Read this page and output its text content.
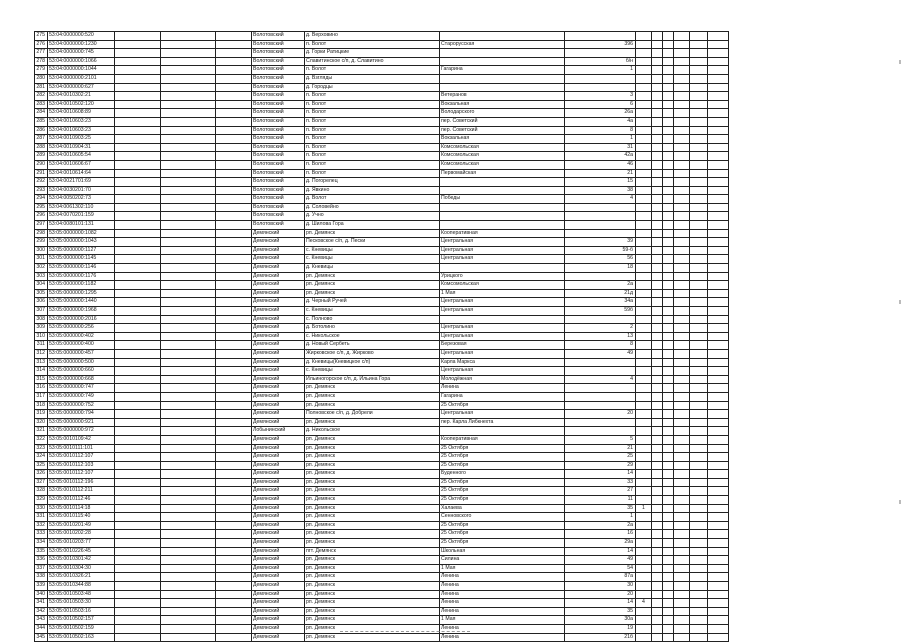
275	53:04:0000000:520				Волотовский	д. Верховино								
276	53:04:0000000:1230				Волотовский	п. Волот	Старорусская	396						
277	53:04:0000000:745				Волотовский	д. Горки Ратицкие								
278	53:04:0000000:1066				Волотовский	Славитинское с/п, д. Славитино		б/н						
279	53:04:0000000:1044				Волотовский	п. Волот	Гагарина	1						
280	53:04:0000000:2101				Волотовский	д. Взгляды								
281	53:04:0000000:627				Волотовский	д. Городцы								
282	53:04:0010302:21				Волотовский	п. Волот	Ветеранов	3						
283	53:04:0010502:120				Волотовский	п. Волот	Вокзальная	6						
284	53:04:0010608:89				Волотовский	п. Волот	Володарского	26а						
285	53:04:0010603:23				Волотовский	п. Волот	пер. Советский	4а						
286	53:04:0010603:23				Волотовский	п. Волот	пер. Советский	8						
287	53:04:0010903:25				Волотовский	п. Волот	Вокзальная	1						
288	53:04:0010904:31				Волотовский	п. Волот	Комсомольская	31						
289	53:04:0010605:54				Волотовский	п. Волот	Комсомольская	42а						
290	53:04:0010606:67				Волотовский	п. Волот	Комсомольская	46						
291	53:04:0010614:64				Волотовский	п. Волот	Первомайская	21						
292	53:04:0021701:69				Волотовский	д. Погорелец		15						
293	53:04:0030201:70				Волотовский	д. Явкино		38						
294	53:04:0050202:73				Волотовский	д. Волот	Победы	4						
295	53:04:0061302:110				Волотовский	д. Соловейно								
296	53:04:0070201:159				Волотовский	д. Учно								
297	53:04:0080101:131				Волотовский	д. Шилова Гора								
298	53:05:0000000:1082				Демянский	рп. Демянск	Кооперативная							
299	53:05:0000000:1043				Демянский	Песковское с/п, д. Пески	Центральная	39						
300	53:05:0000000:1127				Демянский	с. Кневицы	Центральная	59-б						
301	53:05:0000000:1145				Демянский	с. Кневицы	Центральная	56						
302	53:05:0000000:1146				Демянский	д. Кневицы		18						
303	53:05:0000000:1176				Демянский	рп. Демянск	Урицкого							
304	53:05:0000000:1182				Демянский	рп. Демянск	Комсомольская	2а						
305	53:05:0000000:1295				Демянский	рп. Демянск	1 Мая	21д						
306	53:05:0000000:1440				Демянский	д. Черный Ручей	Центральная	34а						
307	53:05:0000000:1968				Демянский	с. Кневицы	Центральная	59б						
308	53:05:0000000:2016				Демянский	с. Полново								
309	53:05:0000000:256				Демянский	д. Ботолино	Центральная	2						
310	53:05:0000000:402				Демянский	с. Никольское	Центральная	13						
311	53:05:0000000:400				Демянский	д. Новый Сербеть	Березовая	8						
312	53:05:0000000:457				Демянский	Жирковское с/п, д. Жирково	Центральная	49						
313	53:05:0000000:500				Демянский	д. Кневицы(Кневицкое с/п)	Карла Маркса							
314	53:05:0000000:660				Демянский	с. Кневицы	Центральная							
315	53:05:0000000:668				Демянский	Ильиногорское с/п, д. Ильина Гора	Молодёжная	4						
316	53:05:0000000:747				Демянский	рп. Демянск	Ленина							
317	53:05:0000000:749				Демянский	рп. Демянск	Гагарина							
318	53:05:0000000:752				Демянский	рп. Демянск	25 Октября							
319	53:05:0000000:794				Демянский	Полновское с/п, д. Добрели	Центральная	20						
320	53:05:0000000:921				Демянский	рп. Демянск	пер. Карла Либкнехта							
321	53:05:0000000:972				Лобынинский	д. Никольское								
322	53:05:0010109:42				Демянский	рп. Демянск	Кооперативная	5						
323	53:05:0010111:101				Демянский	рп. Демянск	25 Октября	21						
324	53:05:0010112:107				Демянский	рп. Демянск	25 Октября	25						
325	53:05:0010112:103				Демянский	рп. Демянск	25 Октября	29						
326	53:05:0010112:107				Демянский	рп. Демянск	Буденного	14						
327	53:05:0010112:196				Демянский	рп. Демянск	25 Октября	33						
328	53:05:0010112:211				Демянский	рп. Демянск	25 Октября	27						
329	53:05:0010112:46				Демянский	рп. Демянск	25 Октября	11						
330	53:05:0010114:18				Демянский	рп. Демянск	Халаева	35	1					
331	53:05:0010115:40				Демянский	рп. Демянск	Сенновского	1						
332	53:05:0010201:49				Демянский	рп. Демянск	25 Октября	2а						
333	53:05:0010202:28				Демянский	рп. Демянск	25 Октября	16						
334	53:05:0010203:77				Демянский	рп. Демянск	25 Октября	29а						
335	53:05:0010226:45				Демянский	пгт. Демянск	Школьная	14						
336	53:05:0010301:42				Демянский	рп. Демянск	Силина	49						
337	53:05:0010304:30				Демянский	рп. Демянск	1 Мая	54						
338	53:05:0010326:21				Демянский	рп. Демянск	Ленина	87а						
339	53:05:0010344:88				Демянский	рп. Демянск	Ленина	30						
340	53:05:0010503:48				Демянский	рп. Демянск	Ленина	20						
341	53:05:0010503:30				Демянский	рп. Демянск	Ленина	14	4					
342	53:05:0010503:16				Демянский	рп. Демянск	Ленина	35						
343	53:05:0010502:157				Демянский	рп. Демянск	1 Мая	30а						
344	53:05:0010502:159				Демянский	рп. Демянск	Ленина	19						
345	53:05:0010502:163				Демянский	рп. Демянск	Ленина	21б						
